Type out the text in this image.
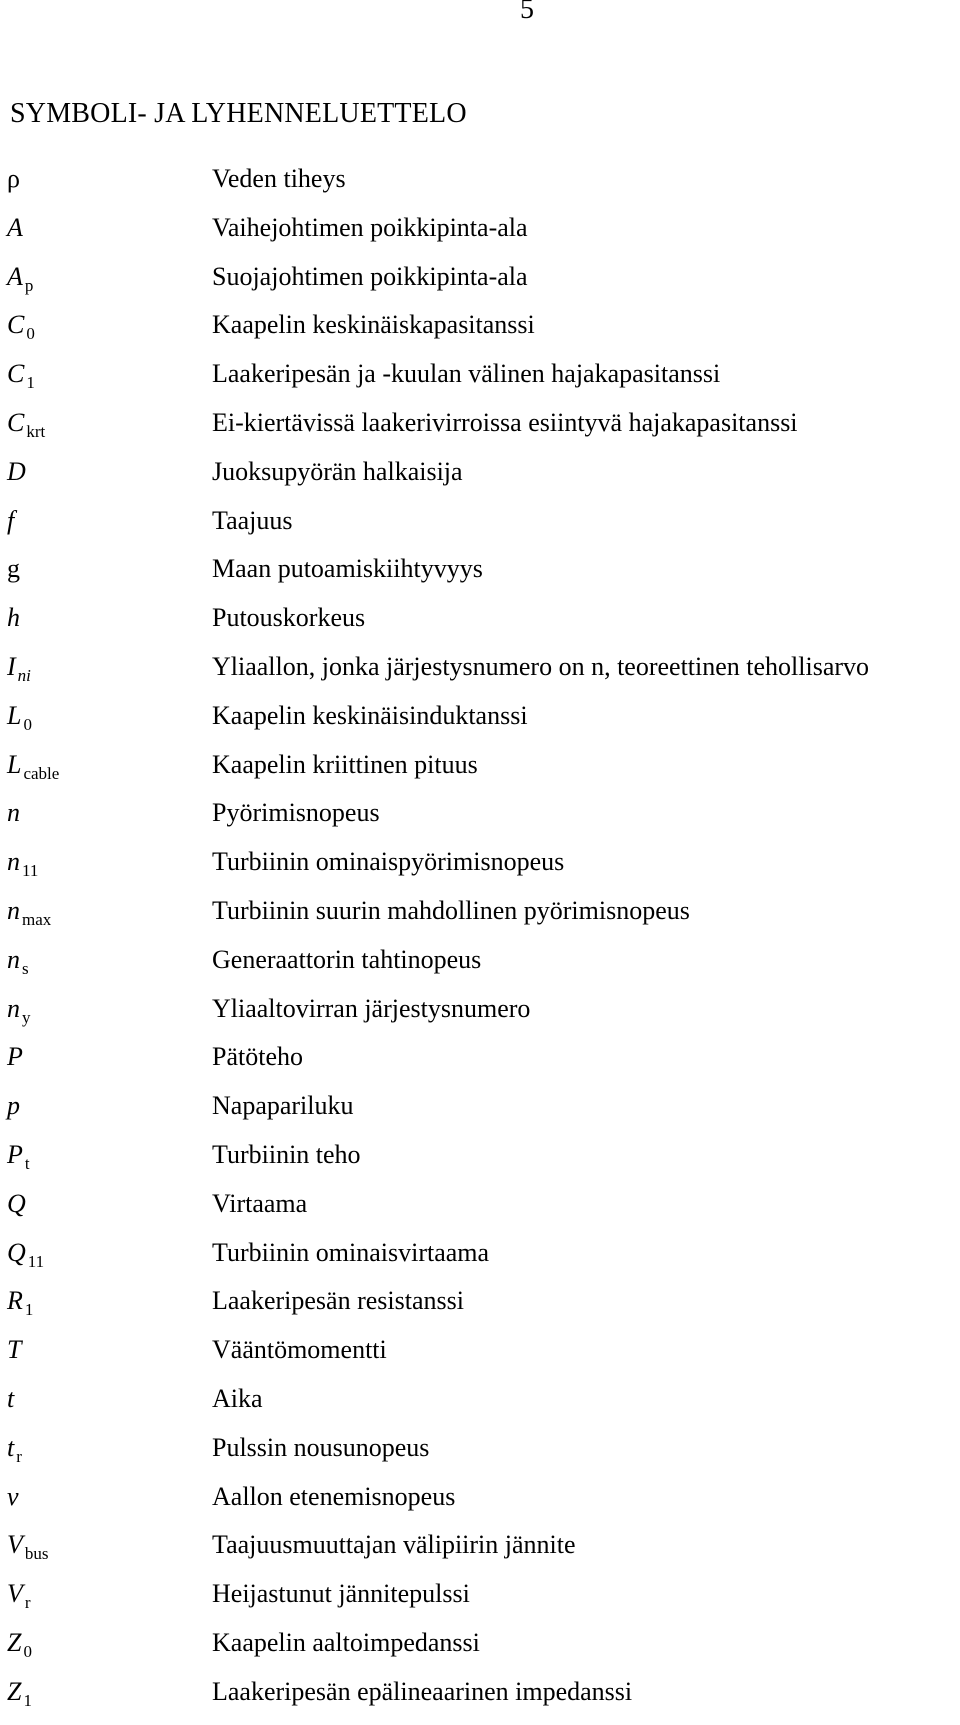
5
SYMBOLI- JA LYHENNELUETTELO
ρ	Veden tiheys
A	Vaihejohtimen poikkipinta-ala
A $_p$	Suojajohtimen poikkipinta-ala
C $_0$	Kaapelin keskinäiskapasitanssi
C $_1$	Laakeripesän ja -kuulan välinen hajakapasitanssi
C $_{krt}$	Ei-kiertävissä laakerivirroissa esiintyvä hajakapasitanssi
D	Juoksupyörän halkaisija
f	Taajuus
g	Maan putoamiskiihtyvyys
h	Putouskorkeus
I $_{ni}$	Yliaallon, jonka järjestysnumero on n, teoreettinen tehollisarvo
L $_0$	Kaapelin keskinäisinduktanssi
L $_{cable}$	Kaapelin kriittinen pituus
n	Pyörimisnopeus
n $_{11}$	Turbiinin ominaispyörimisnopeus
n $_{max}$	Turbiinin suurin mahdollinen pyörimisnopeus
n $_s$	Generaattorin tahtinopeus
n $_y$	Yliaaltovirran järjestysnumero
P	Pätöteho
p	Napapariluku
P $_t$	Turbiinin teho
Q	Virtaama
Q $_{11}$	Turbiinin ominaisvirtaama
R $_1$	Laakeripesän resistanssi
T	Vääntömomentti
t	Aika
t $_r$	Pulssin nousunopeus
v	Aallon etenemisnopeus
V $_{bus}$	Taajuusmuuttajan välipiirin jännite
V $_r$	Heijastunut jännitepulssi
Z $_0$	Kaapelin aaltoimpedanssi
Z $_1$	Laakeripesän epälineaarinen impedanssi
